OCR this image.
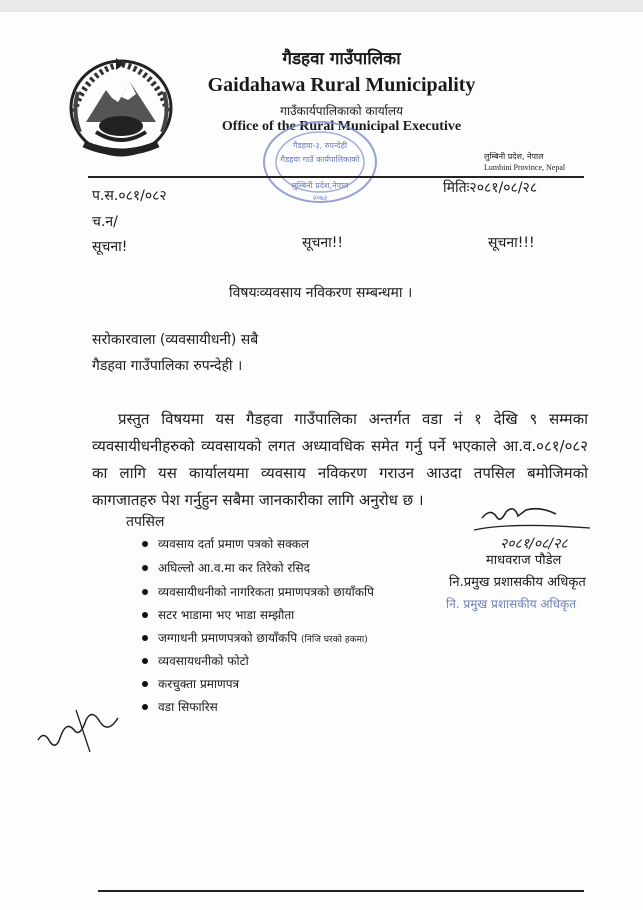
गैडहवा गाउँपालिका
Gaidahawa Rural Municipality
गाउँकार्यपालिकाको कार्यालय
Office of the Rural Municipal Executive
गैडहवा-३, रुपन्देही
गैडहवा गाउँ कार्यपालिकाको
लुम्बिनी प्रदेश,नेपाल
२०७३
लुम्बिनी प्रदेश, नेपाल
Lumbini Province, Nepal
प.स.०८१/०८२	मितिः२०८१/०८/२८
च.न/
सूचना!	सूचना!!	सूचना!!!
विषयःव्यवसाय नविकरण सम्बन्धमा ।
सरोकारवाला (व्यवसायीधनी) सबै
गैडहवा गाउँपालिका रुपन्देही ।
प्रस्तुत विषयमा यस गैडहवा गाउँपालिका अन्तर्गत वडा नं १ देखि ९ सम्मका व्यवसायीधनीहरुको व्यवसायको लगत अध्यावधिक समेत गर्नु पर्ने भएकाले आ.व.०८१/०८२ का लागि यस कार्यालयमा व्यवसाय नविकरण गराउन आउदा तपसिल बमोजिमको कागजातहरु पेश गर्नुहुन सबैमा जानकारीका लागि अनुरोध छ ।
तपसिल
व्यवसाय दर्ता प्रमाण पत्रको सक्कल
अघिल्लो आ.व.मा कर तिरेको रसिद
व्यवसायीधनीको नागरिकता प्रमाणपत्रको छायाँकपि
सटर भाडामा भए भाडा सम्झौता
जग्गाधनी प्रमाणपत्रको छायाँकपि (निजि घरको हकमा)
व्यवसायधनीको फोटो
करचुक्ता प्रमाणपत्र
वडा सिफारिस
२०८१/०८/२८
माधवराज पौडेल
नि.प्रमुख प्रशासकीय अधिकृत
नि. प्रमुख प्रशासकीय अधिकृत
